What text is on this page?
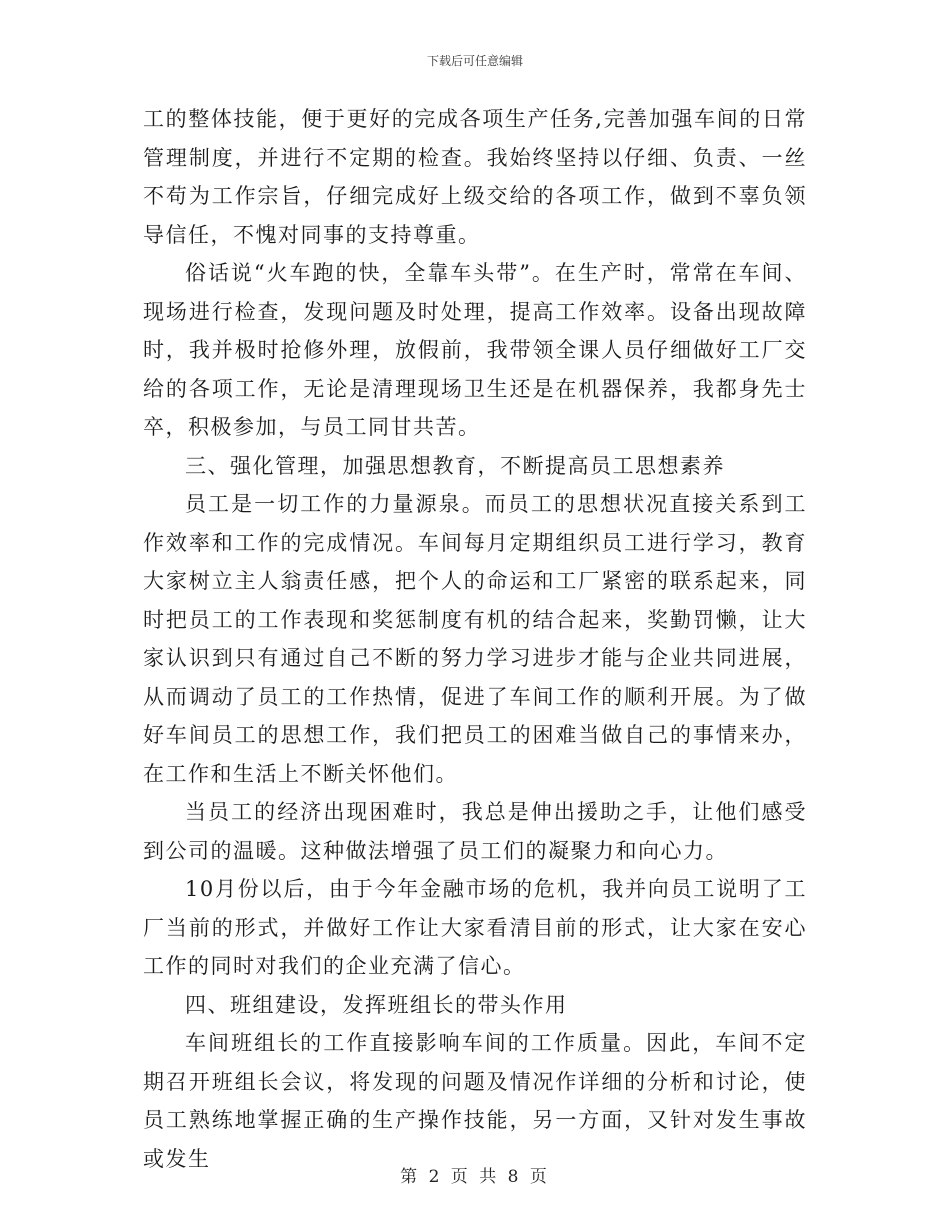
下载后可任意编辑

工的整体技能，便于更好的完成各项生产任务,完善加强车间的日常管理制度，并进行不定期的检查。我始终坚持以仔细、负责、一丝不苟为工作宗旨，仔细完成好上级交给的各项工作，做到不辜负领导信任，不愧对同事的支持尊重。

俗话说“火车跑的快，全靠车头带”。在生产时，常常在车间、现场进行检查，发现问题及时处理，提高工作效率。设备出现故障时，我并极时抢修外理，放假前，我带领全课人员仔细做好工厂交给的各项工作，无论是清理现场卫生还是在机器保养，我都身先士卒，积极参加，与员工同甘共苦。

三、强化管理，加强思想教育，不断提高员工思想素养

员工是一切工作的力量源泉。而员工的思想状况直接关系到工作效率和工作的完成情况。车间每月定期组织员工进行学习，教育大家树立主人翁责任感，把个人的命运和工厂紧密的联系起来，同时把员工的工作表现和奖惩制度有机的结合起来，奖勤罚懒，让大家认识到只有通过自己不断的努力学习进步才能与企业共同进展，从而调动了员工的工作热情，促进了车间工作的顺利开展。为了做好车间员工的思想工作，我们把员工的困难当做自己的事情来办，在工作和生活上不断关怀他们。

当员工的经济出现困难时，我总是伸出援助之手，让他们感受到公司的温暖。这种做法增强了员工们的凝聚力和向心力。

10月份以后，由于今年金融市场的危机，我并向员工说明了工厂当前的形式，并做好工作让大家看清目前的形式，让大家在安心工作的同时对我们的企业充满了信心。

四、班组建设，发挥班组长的带头作用

车间班组长的工作直接影响车间的工作质量。因此，车间不定期召开班组长会议，将发现的问题及情况作详细的分析和讨论，使员工熟练地掌握正确的生产操作技能，另一方面，又针对发生事故或发生

第 2 页 共 8 页
